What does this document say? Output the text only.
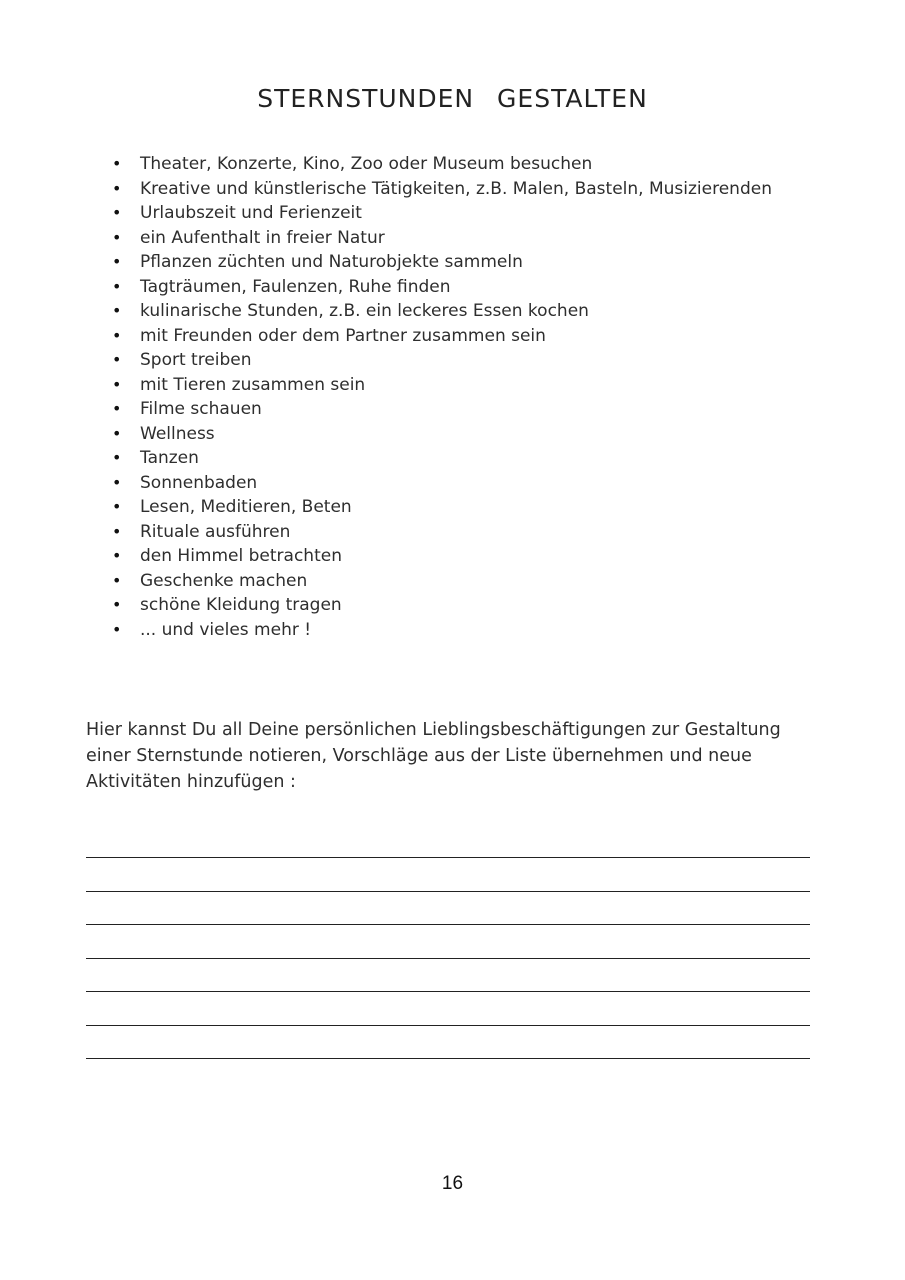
STERNSTUNDEN GESTALTEN
• Theater, Konzerte, Kino, Zoo oder Museum besuchen
• Kreative und künstlerische Tätigkeiten, z.B. Malen, Basteln, Musizierenden
• Urlaubszeit und Ferienzeit
• ein Aufenthalt in freier Natur
• Pflanzen züchten und Naturobjekte sammeln
• Tagträumen, Faulenzen, Ruhe finden
• kulinarische Stunden, z.B. ein leckeres Essen kochen
• mit Freunden oder dem Partner zusammen sein
• Sport treiben
• mit Tieren zusammen sein
• Filme schauen
• Wellness
• Tanzen
• Sonnenbaden
• Lesen, Meditieren, Beten
• Rituale ausführen
• den Himmel betrachten
• Geschenke machen
• schöne Kleidung tragen
• ... und vieles mehr !

Hier kannst Du all Deine persönlichen Lieblingsbeschäftigungen zur Gestaltung einer Sternstunde notieren, Vorschläge aus der Liste übernehmen und neue Aktivitäten hinzufügen :

16
